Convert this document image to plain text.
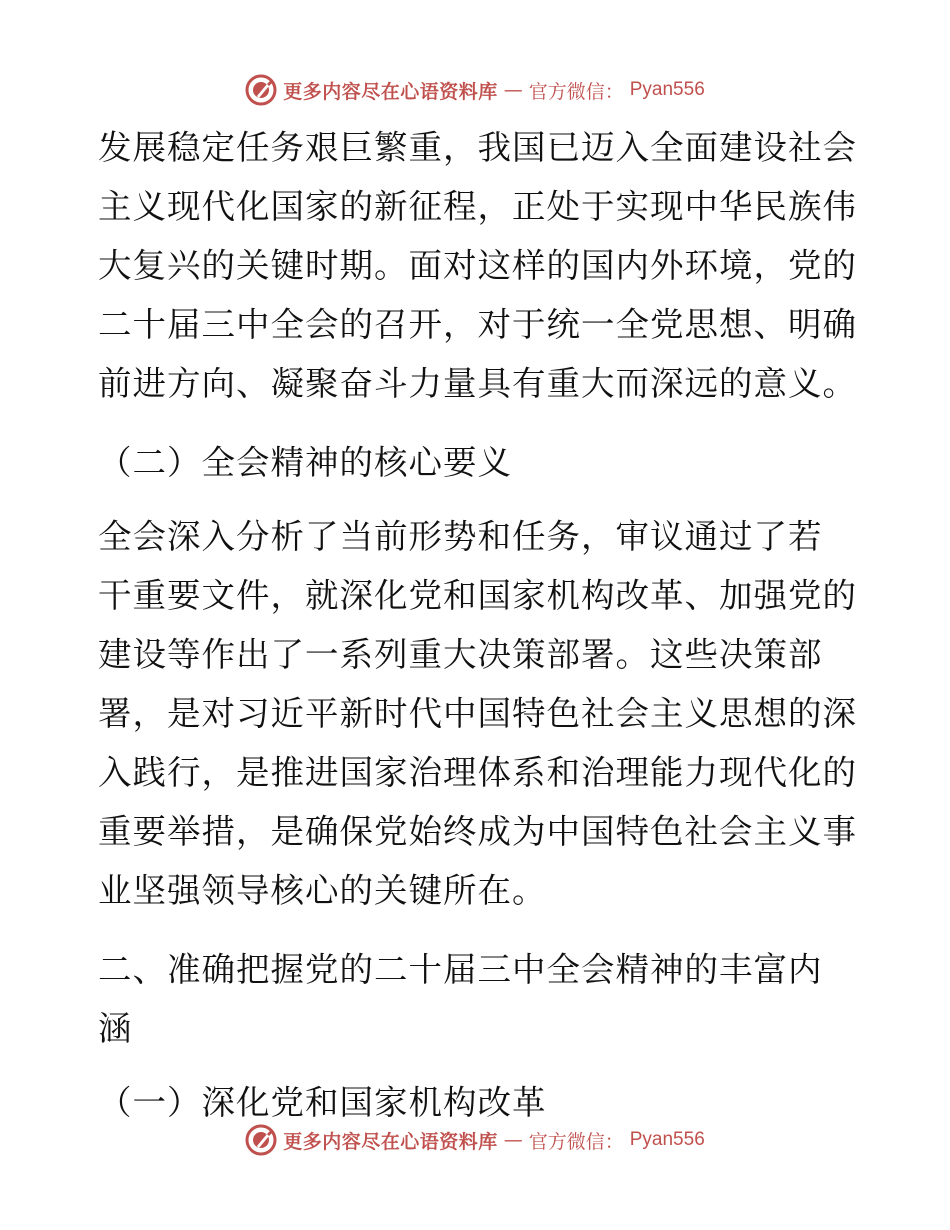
更多内容尽在心语资料库 — 官方微信： Pyan556
发展稳定任务艰巨繁重，我国已迈入全面建设社会
主义现代化国家的新征程，正处于实现中华民族伟
大复兴的关键时期。面对这样的国内外环境，党的
二十届三中全会的召开，对于统一全党思想、明确
前进方向、凝聚奋斗力量具有重大而深远的意义。
（二）全会精神的核心要义
全会深入分析了当前形势和任务，审议通过了若
干重要文件，就深化党和国家机构改革、加强党的
建设等作出了一系列重大决策部署。这些决策部
署，是对习近平新时代中国特色社会主义思想的深
入践行，是推进国家治理体系和治理能力现代化的
重要举措，是确保党始终成为中国特色社会主义事
业坚强领导核心的关键所在。
二、准确把握党的二十届三中全会精神的丰富内
涵
（一）深化党和国家机构改革
更多内容尽在心语资料库 — 官方微信： Pyan556
